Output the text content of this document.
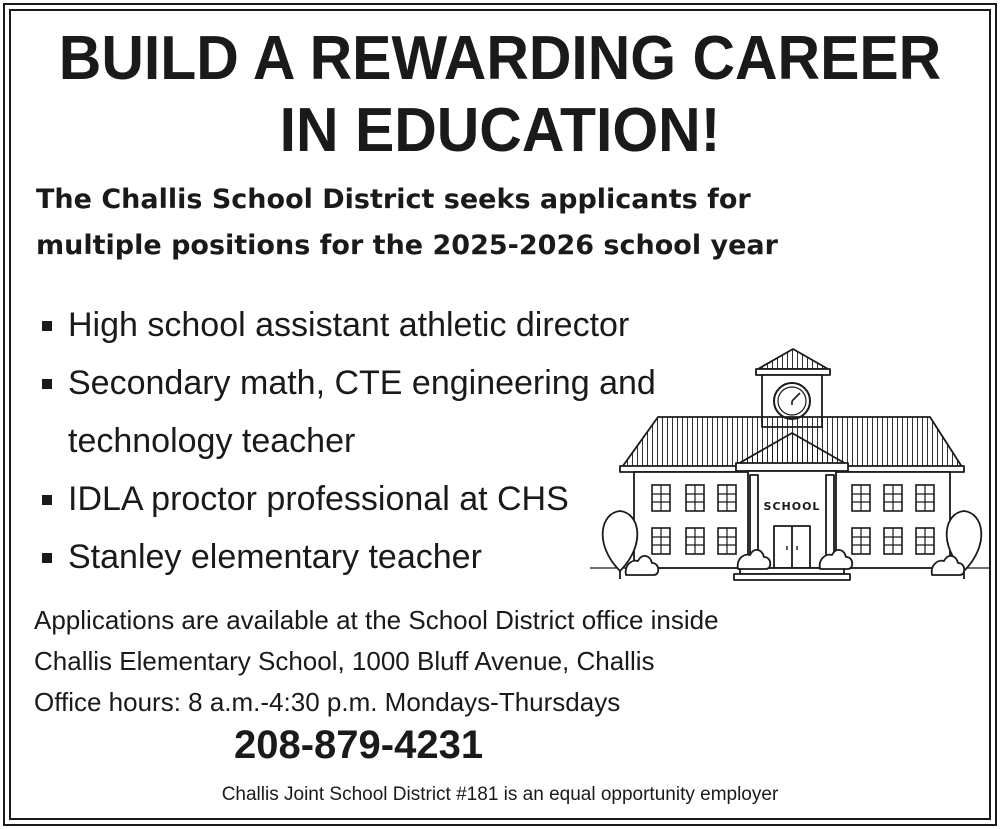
BUILD A REWARDING CAREER
IN EDUCATION!
The Challis School District seeks applicants for
multiple positions for the 2025-2026 school year
High school assistant athletic director
Secondary math, CTE engineering and
technology teacher
IDLA proctor professional at CHS
Stanley elementary teacher
SCHOOL
Applications are available at the School District office inside
Challis Elementary School, 1000 Bluff Avenue, Challis
Office hours: 8 a.m.-4:30 p.m. Mondays-Thursdays
208-879-4231
Challis Joint School District #181 is an equal opportunity employer
